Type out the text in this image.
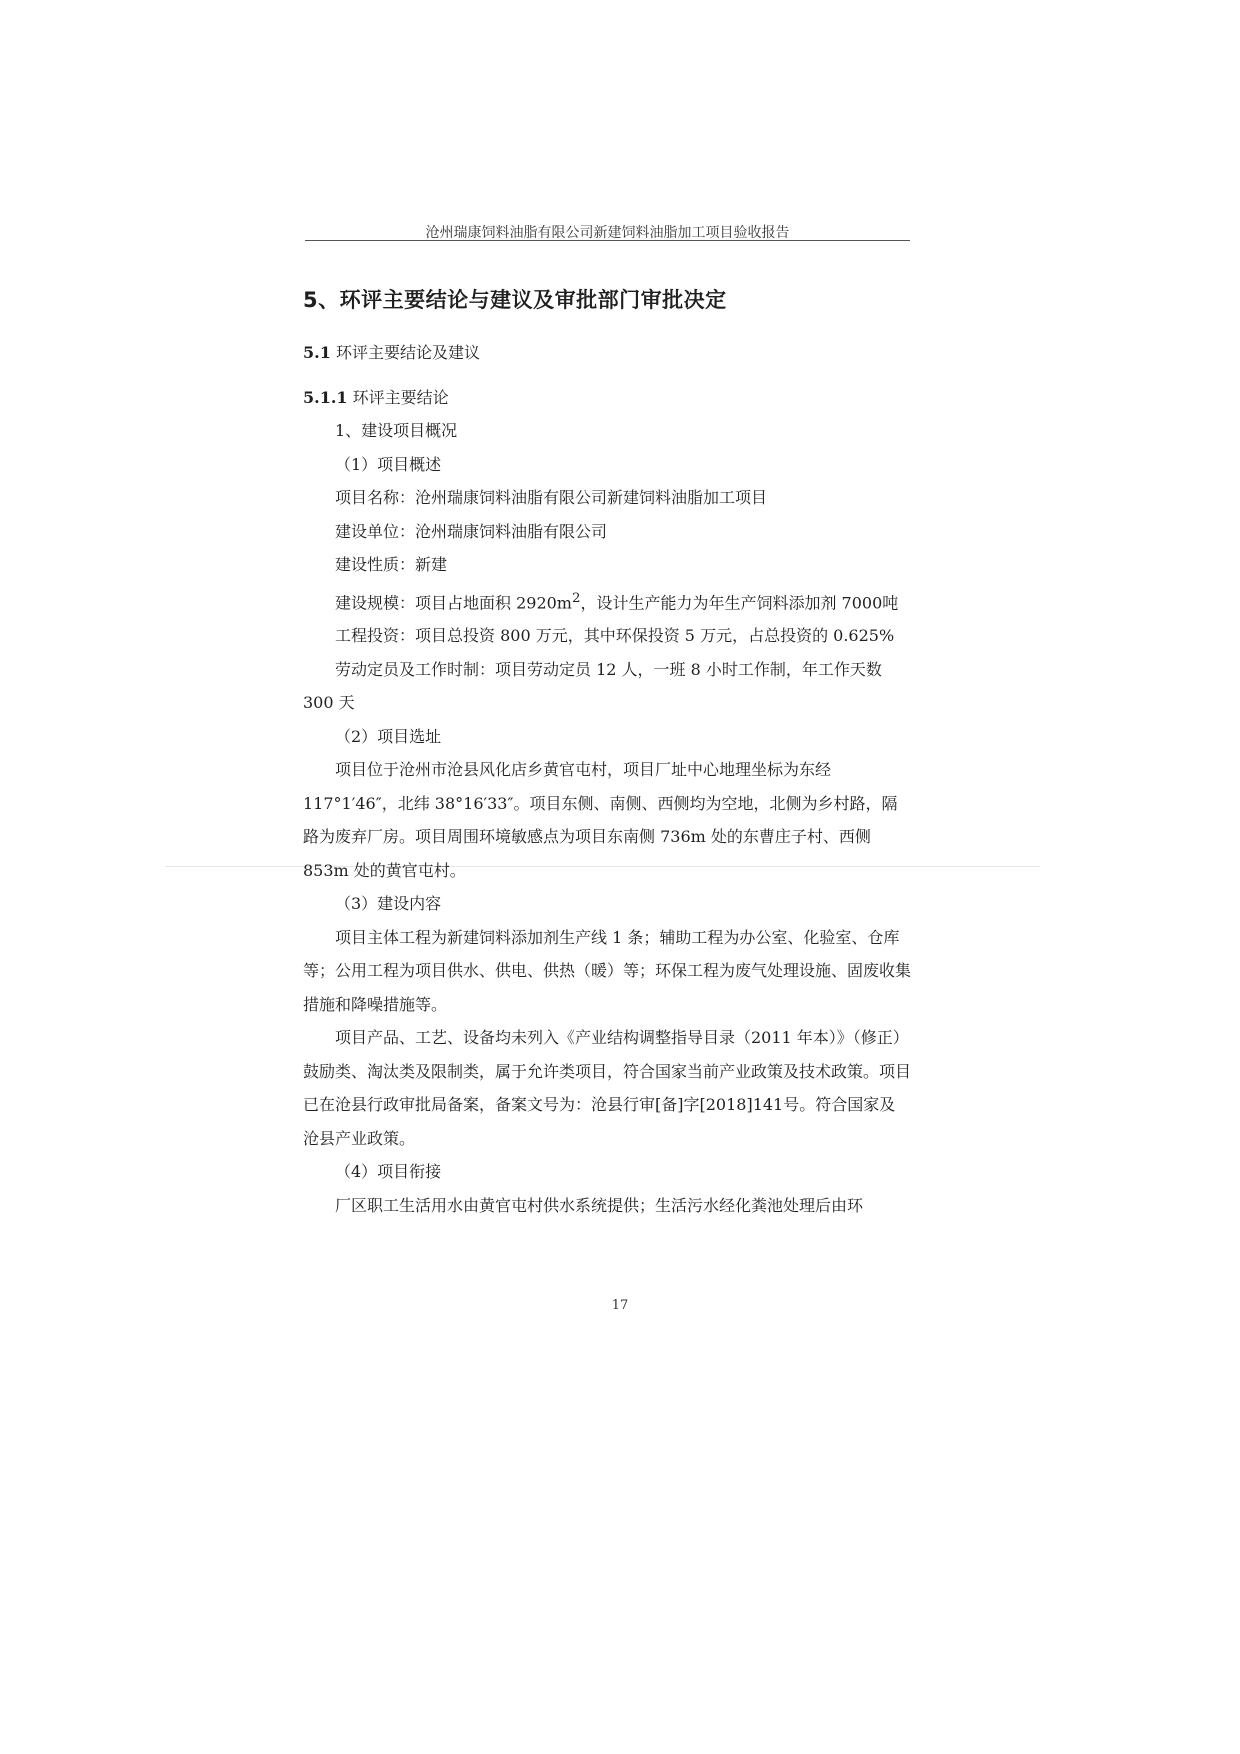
沧州瑞康饲料油脂有限公司新建饲料油脂加工项目验收报告
5、环评主要结论与建议及审批部门审批决定
5.1 环评主要结论及建议
5.1.1 环评主要结论

1、建设项目概况

（1）项目概述

项目名称：沧州瑞康饲料油脂有限公司新建饲料油脂加工项目

建设单位：沧州瑞康饲料油脂有限公司

建设性质：新建

建设规模：项目占地面积 $2920m^2$，设计生产能力为年生产饲料添加剂 7000吨

工程投资：项目总投资 800 万元，其中环保投资 5 万元，占总投资的 0.625%

劳动定员及工作时制：项目劳动定员 12 人，一班 8 小时工作制，年工作天数 300 天

（2）项目选址

项目位于沧州市沧县风化店乡黄官屯村，项目厂址中心地理坐标为东经 117°1′46″，北纬 38°16′33″。项目东侧、南侧、西侧均为空地，北侧为乡村路，隔路为废弃厂房。项目周围环境敏感点为项目东南侧 736m 处的东曹庄子村、西侧 853m 处的黄官屯村。

（3）建设内容

项目主体工程为新建饲料添加剂生产线 1 条；辅助工程为办公室、化验室、仓库等；公用工程为项目供水、供电、供热（暖）等；环保工程为废气处理设施、固废收集措施和降噪措施等。

项目产品、工艺、设备均未列入《产业结构调整指导目录（2011 年本）》（修正）鼓励类、淘汰类及限制类，属于允许类项目，符合国家当前产业政策及技术政策。项目已在沧县行政审批局备案，备案文号为：沧县行审[备]字[2018]141号。符合国家及沧县产业政策。

（4）项目衔接

厂区职工生活用水由黄官屯村供水系统提供；生活污水经化粪池处理后由环

17
